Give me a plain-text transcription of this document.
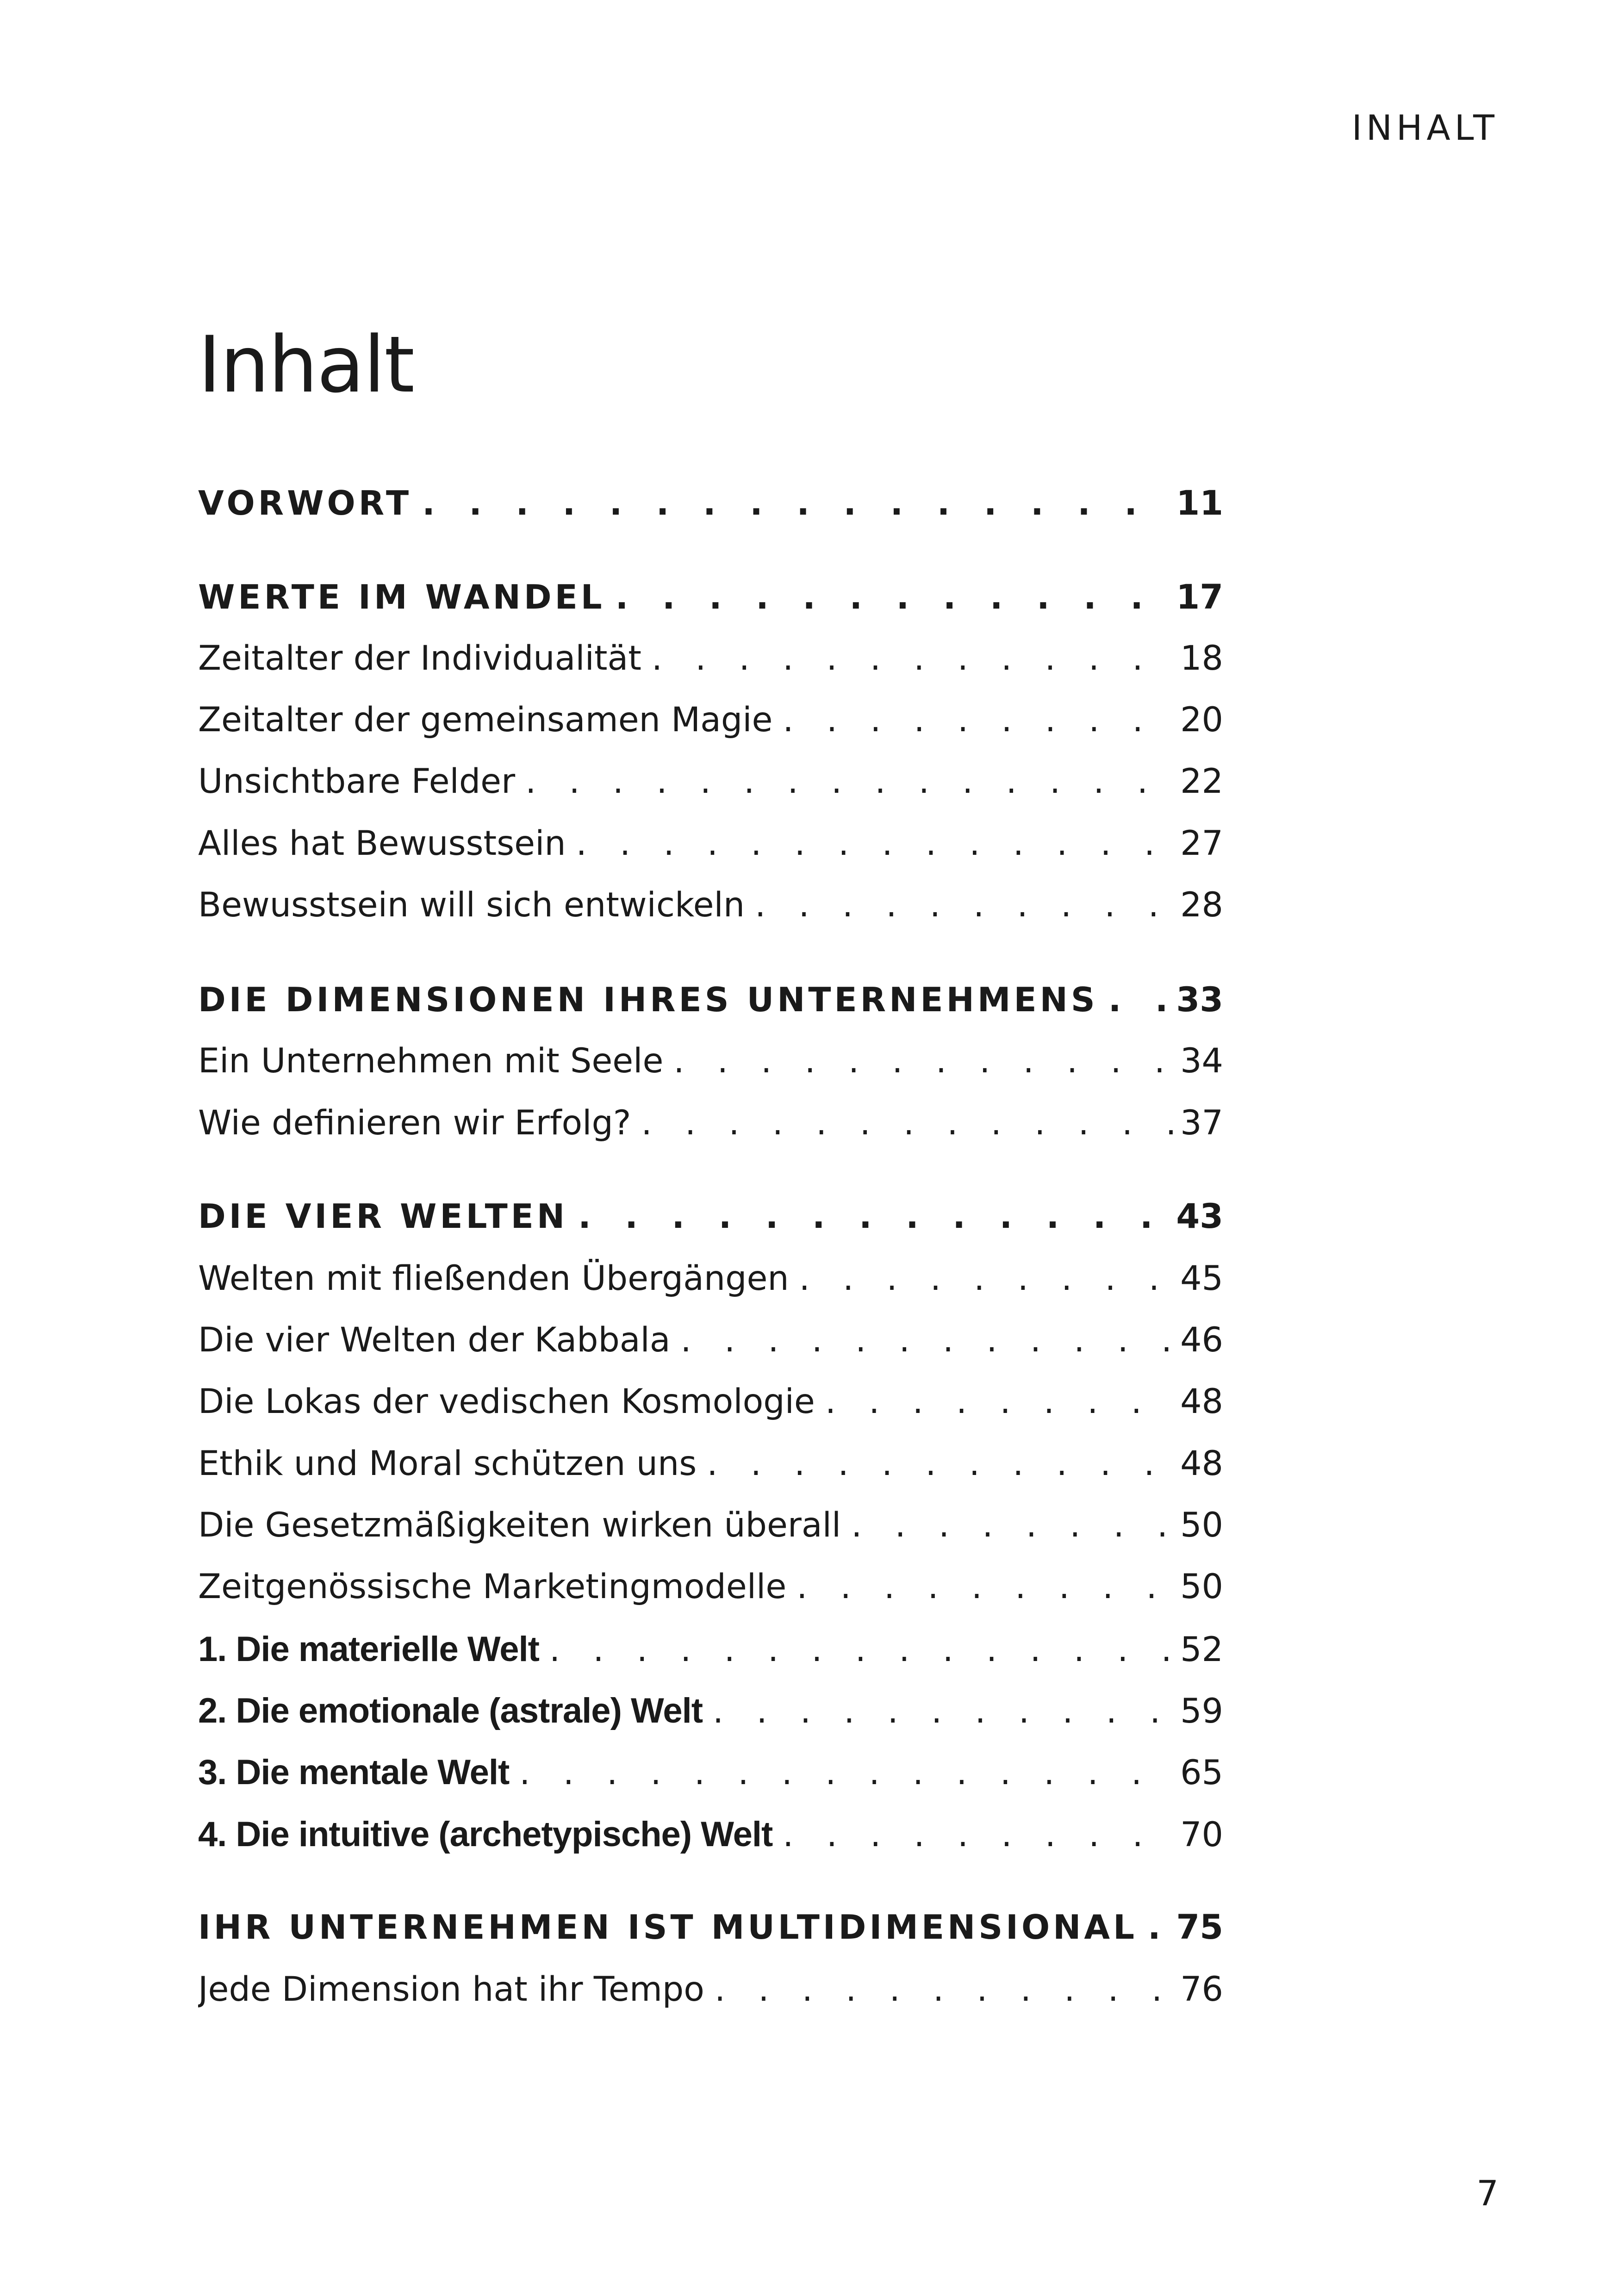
INHALT
Inhalt
VORWORT . . .	11
WERTE IM WANDEL . . .	17
Zeitalter der Individualität . . .	18
Zeitalter der gemeinsamen Magie . . .	20
Unsichtbare Felder . . .	22
Alles hat Bewusstsein . . .	27
Bewusstsein will sich entwickeln . . .	28
DIE DIMENSIONEN IHRES UNTERNEHMENS . . . 33
Ein Unternehmen mit Seele . . .	34
Wie definieren wir Erfolg? . . .	37
DIE VIER WELTEN . . .	43
Welten mit fließenden Übergängen . . .	45
Die vier Welten der Kabbala . . .	46
Die Lokas der vedischen Kosmologie . . .	48
Ethik und Moral schützen uns . . .	48
Die Gesetzmäßigkeiten wirken überall . . .	50
Zeitgenössische Marketingmodelle . . .	50
1. Die materielle Welt . . .	52
2. Die emotionale (astrale) Welt . . .	59
3. Die mentale Welt . . .	65
4. Die intuitive (archetypische) Welt . . .	70
IHR UNTERNEHMEN IST MULTIDIMENSIONAL . . . 75
Jede Dimension hat ihr Tempo . . .	76
7
